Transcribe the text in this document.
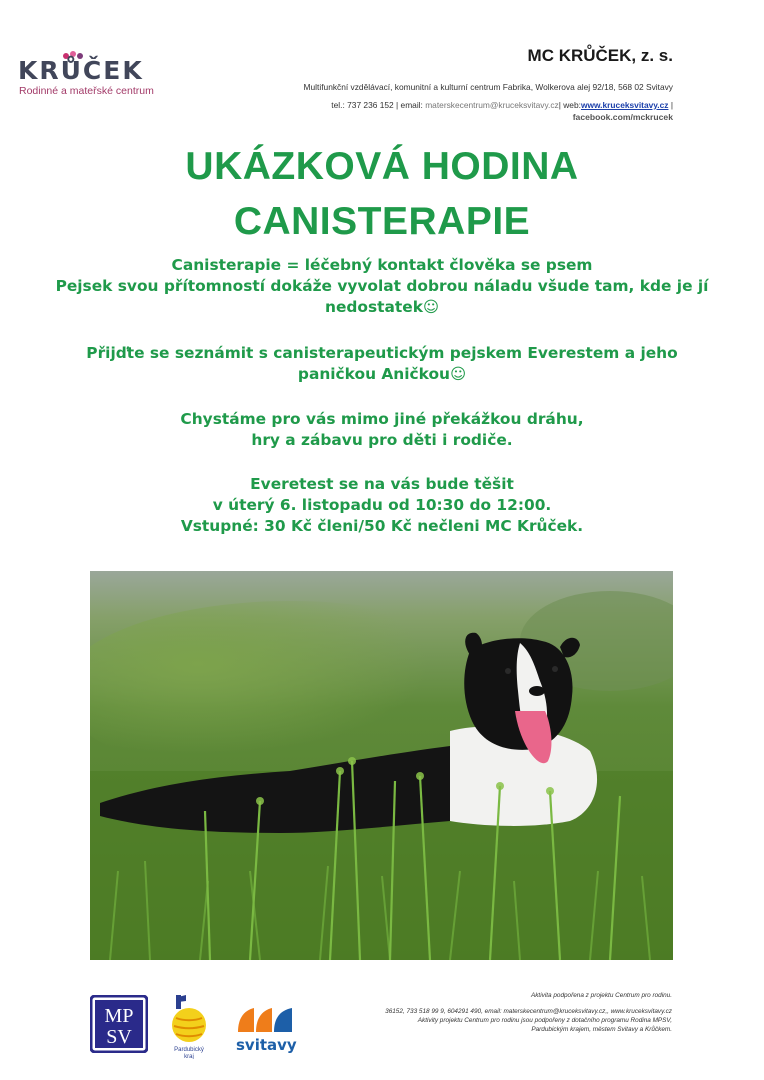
KRŮČEK
Rodinné a mateřské centrum
MC KRŮČEK, z. s.
Multifunkční vzdělávací, komunitní a kulturní centrum Fabrika, Wolkerova alej 92/18, 568 02 Svitavy
tel.: 737 236 152 | email: materskecentrum@kruceksvitavy.cz| web:www.kruceksvitavy.cz |
facebook.com/mckrucek
UKÁZKOVÁ HODINA
CANISTERAPIE
Canisterapie = léčebný kontakt člověka se psem
Pejsek svou přítomností dokáže vyvolat dobrou náladu všude tam, kde je jí
nedostatek☺
Přijďte se seznámit s canisterapeutickým pejskem Everestem a jeho
paničkou Aničkou☺
Chystáme pro vás mimo jiné překážkou dráhu,
hry a zábavu pro děti i rodiče.
Everetest se na vás bude těšit
v úterý 6. listopadu od 10:30 do 12:00.
Vstupné: 30 Kč členi/50 Kč nečleni MC Krůček.
Aktivita podpořena z projektu Centrum pro rodinu.
36152, 733 518 99 9, 604291 490, email: materskecentrum@kruceksvitavy.cz,, www.kruceksvitavy.cz
Aktivity projektu Centrum pro rodinu jsou podpořeny z dotačního programu Rodina MPSV,
Pardubickým krajem, městem Svitavy a Krůčkem.
MP
SV
Pardubický
kraj
svitavy
